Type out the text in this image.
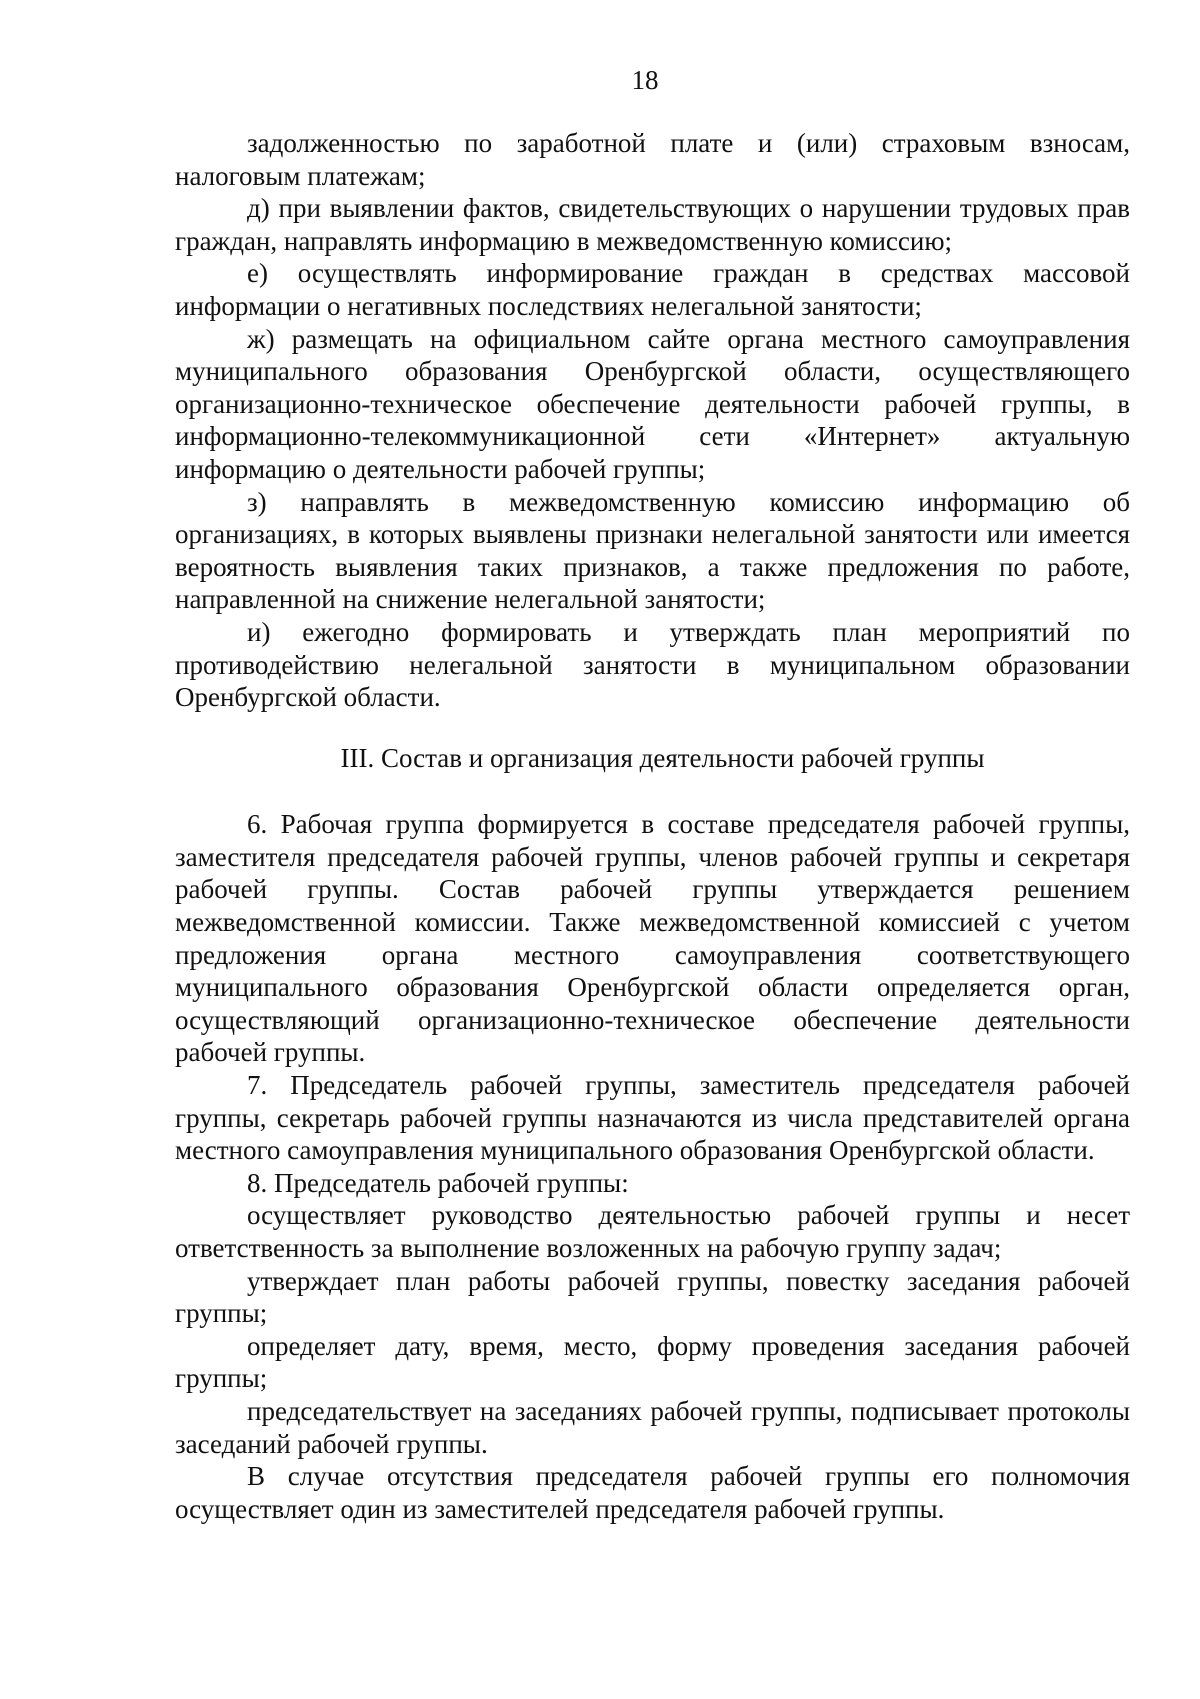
18

задолженностью по заработной плате и (или) страховым взносам, налоговым платежам;

д) при выявлении фактов, свидетельствующих о нарушении трудовых прав граждан, направлять информацию в межведомственную комиссию;

е) осуществлять информирование граждан в средствах массовой информации о негативных последствиях нелегальной занятости;

ж) размещать на официальном сайте органа местного самоуправления муниципального образования Оренбургской области, осуществляющего организационно-техническое обеспечение деятельности рабочей группы, в информационно-телекоммуникационной сети «Интернет» актуальную информацию о деятельности рабочей группы;

з) направлять в межведомственную комиссию информацию об организациях, в которых выявлены признаки нелегальной занятости или имеется вероятность выявления таких признаков, а также предложения по работе, направленной на снижение нелегальной занятости;

и) ежегодно формировать и утверждать план мероприятий по противодействию нелегальной занятости в муниципальном образовании Оренбургской области.

III. Состав и организация деятельности рабочей группы

6. Рабочая группа формируется в составе председателя рабочей группы, заместителя председателя рабочей группы, членов рабочей группы и секретаря рабочей группы. Состав рабочей группы утверждается решением межведомственной комиссии. Также межведомственной комиссией с учетом предложения органа местного самоуправления соответствующего муниципального образования Оренбургской области определяется орган, осуществляющий организационно-техническое обеспечение деятельности рабочей группы.

7. Председатель рабочей группы, заместитель председателя рабочей группы, секретарь рабочей группы назначаются из числа представителей органа местного самоуправления муниципального образования Оренбургской области.

8. Председатель рабочей группы:

осуществляет руководство деятельностью рабочей группы и несет ответственность за выполнение возложенных на рабочую группу задач;

утверждает план работы рабочей группы, повестку заседания рабочей группы;

определяет дату, время, место, форму проведения заседания рабочей группы;

председательствует на заседаниях рабочей группы, подписывает протоколы заседаний рабочей группы.

В случае отсутствия председателя рабочей группы его полномочия осуществляет один из заместителей председателя рабочей группы.
